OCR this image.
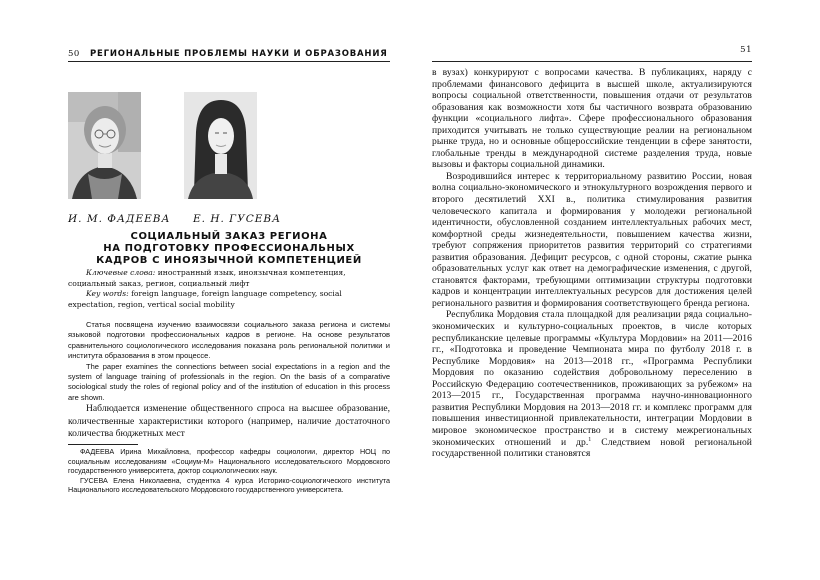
50	РЕГИОНАЛЬНЫЕ ПРОБЛЕМЫ НАУКИ И ОБРАЗОВАНИЯ	51
И. М. ФАДЕЕВА Е. Н. ГУСЕВА
СОЦИАЛЬНЫЙ ЗАКАЗ РЕГИОНА
НА ПОДГОТОВКУ ПРОФЕССИОНАЛЬНЫХ
КАДРОВ С ИНОЯЗЫЧНОЙ КОМПЕТЕНЦИЕЙ

Ключевые слова: иностранный язык, иноязычная компетенция, социальный заказ, регион, социальный лифт

Key words: foreign language, foreign language competency, social expectation, region, vertical social mobility

Статья посвящена изучению взаимосвязи социального заказа региона и системы языковой подготовки профессиональных кадров в регионе. На основе результатов сравнительного социологического исследования показана роль региональной политики и института образования в этом процессе.

The paper examines the connections between social expectations in a region and the system of language training of professionals in the region. On the basis of a comparative sociological study the roles of regional policy and of the institution of education in this process are shown.

Наблюдается изменение общественного спроса на высшее образование, количественные характеристики которого (например, наличие достаточного количества бюджетных мест

ФАДЕЕВА Ирина Михайловна, профессор кафедры социологии, директор НОЦ по социальным исследованиям «Социум-М» Национального исследовательского Мордовского государственного университета, доктор социологических наук.

ГУСЕВА Елена Николаевна, студентка 4 курса Историко-социологического института Национального исследовательского Мордовского государственного университета.

в вузах) конкурируют с вопросами качества. В публикациях, наряду с проблемами финансового дефицита в высшей школе, актуализируются вопросы социальной ответственности, повышения отдачи от результатов образования как возможности хотя бы частичного возврата образованию функции «социального лифта». Сфере профессионального образования приходится учитывать не только существующие реалии на региональном рынке труда, но и основные общероссийские тенденции в сфере занятости, глобальные тренды в международной системе разделения труда, новые вызовы и факторы социальной динамики.

Возродившийся интерес к территориальному развитию России, новая волна социально-экономического и этнокультурного возрождения первого и второго десятилетий XXI в., политика стимулирования развития человеческого капитала и формирования у молодежи региональной идентичности, обусловленной созданием интеллектуальных рабочих мест, комфортной среды жизнедеятельности, повышением качества жизни, требуют сопряжения приоритетов развития территорий со стратегиями развития образования. Дефицит ресурсов, с одной стороны, сжатие рынка образовательных услуг как ответ на демографические изменения, с другой, становятся факторами, требующими оптимизации структуры подготовки кадров и концентрации интеллектуальных ресурсов для достижения целей регионального развития и формирования соответствующего бренда региона.

Республика Мордовия стала площадкой для реализации ряда социально-экономических и культурно-социальных проектов, в числе которых республиканские целевые программы «Культура Мордовии» на 2011—2016 гг., «Подготовка и проведение Чемпионата мира по футболу 2018 г. в Республике Мордовия» на 2013—2018 гг., «Программа Республики Мордовия по оказанию содействия добровольному переселению в Российскую Федерацию соотечественников, проживающих за рубежом» на 2013—2015 гг., Государственная программа научно-инновационного развития Республики Мордовия на 2013—2018 гг. и комплекс программ для повышения инвестиционной привлекательности, интеграции Мордовии в мировое экономическое пространство и в систему межрегиональных экономических отношений и др.$^1$ Следствием новой региональной государственной политики становятся
